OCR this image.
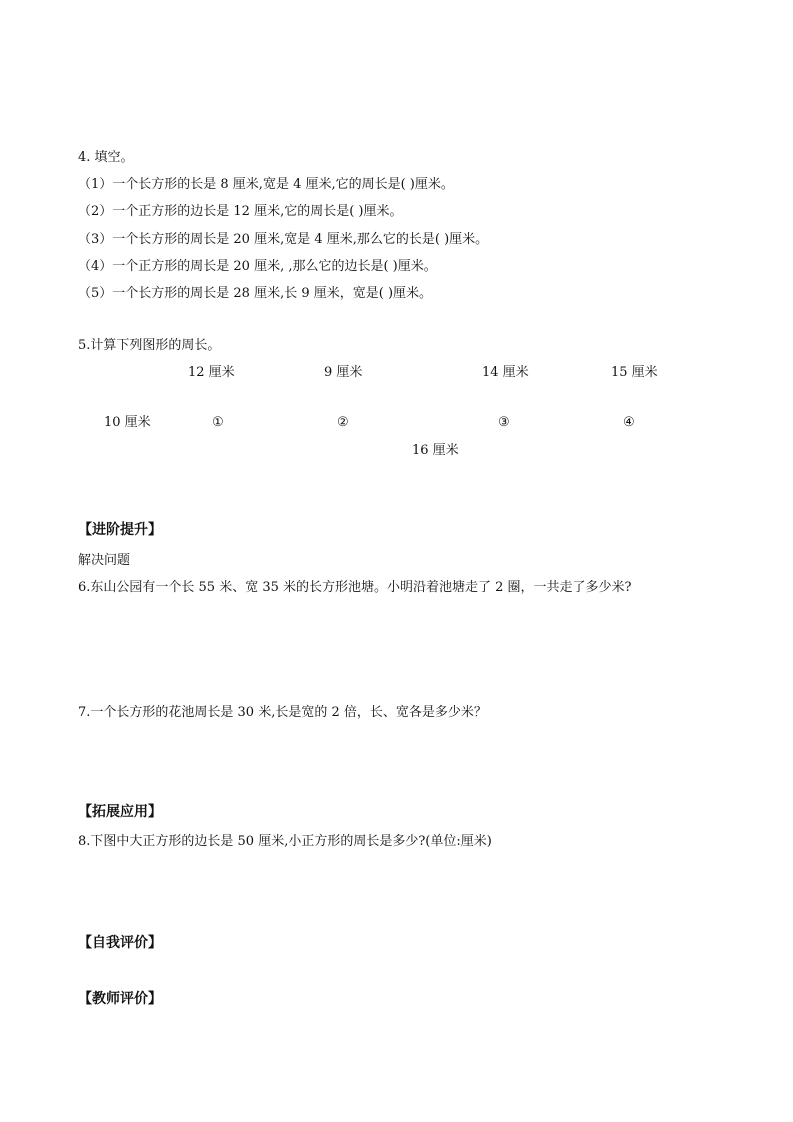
4. 填空。
（1）一个长方形的长是 8 厘米,宽是 4 厘米,它的周长是( )厘米。
（2）一个正方形的边长是 12 厘米,它的周长是( )厘米。
（3）一个长方形的周长是 20 厘米,宽是 4 厘米,那么它的长是( )厘米。
（4）一个正方形的周长是 20 厘米, ,那么它的边长是( )厘米。
（5）一个长方形的周长是 28 厘米,长 9 厘米，宽是( )厘米。
5.计算下列图形的周长。
12 厘米	9 厘米	14 厘米	15 厘米
10 厘米	①	②	③	④
16 厘米
【进阶提升】
解决问题
6.东山公园有一个长 55 米、宽 35 米的长方形池塘。小明沿着池塘走了 2 圈，一共走了多少米?
7.一个长方形的花池周长是 30 米,长是宽的 2 倍，长、宽各是多少米？
【拓展应用】
8.下图中大正方形的边长是 50 厘米,小正方形的周长是多少?(单位:厘米)
【自我评价】
【教师评价】
